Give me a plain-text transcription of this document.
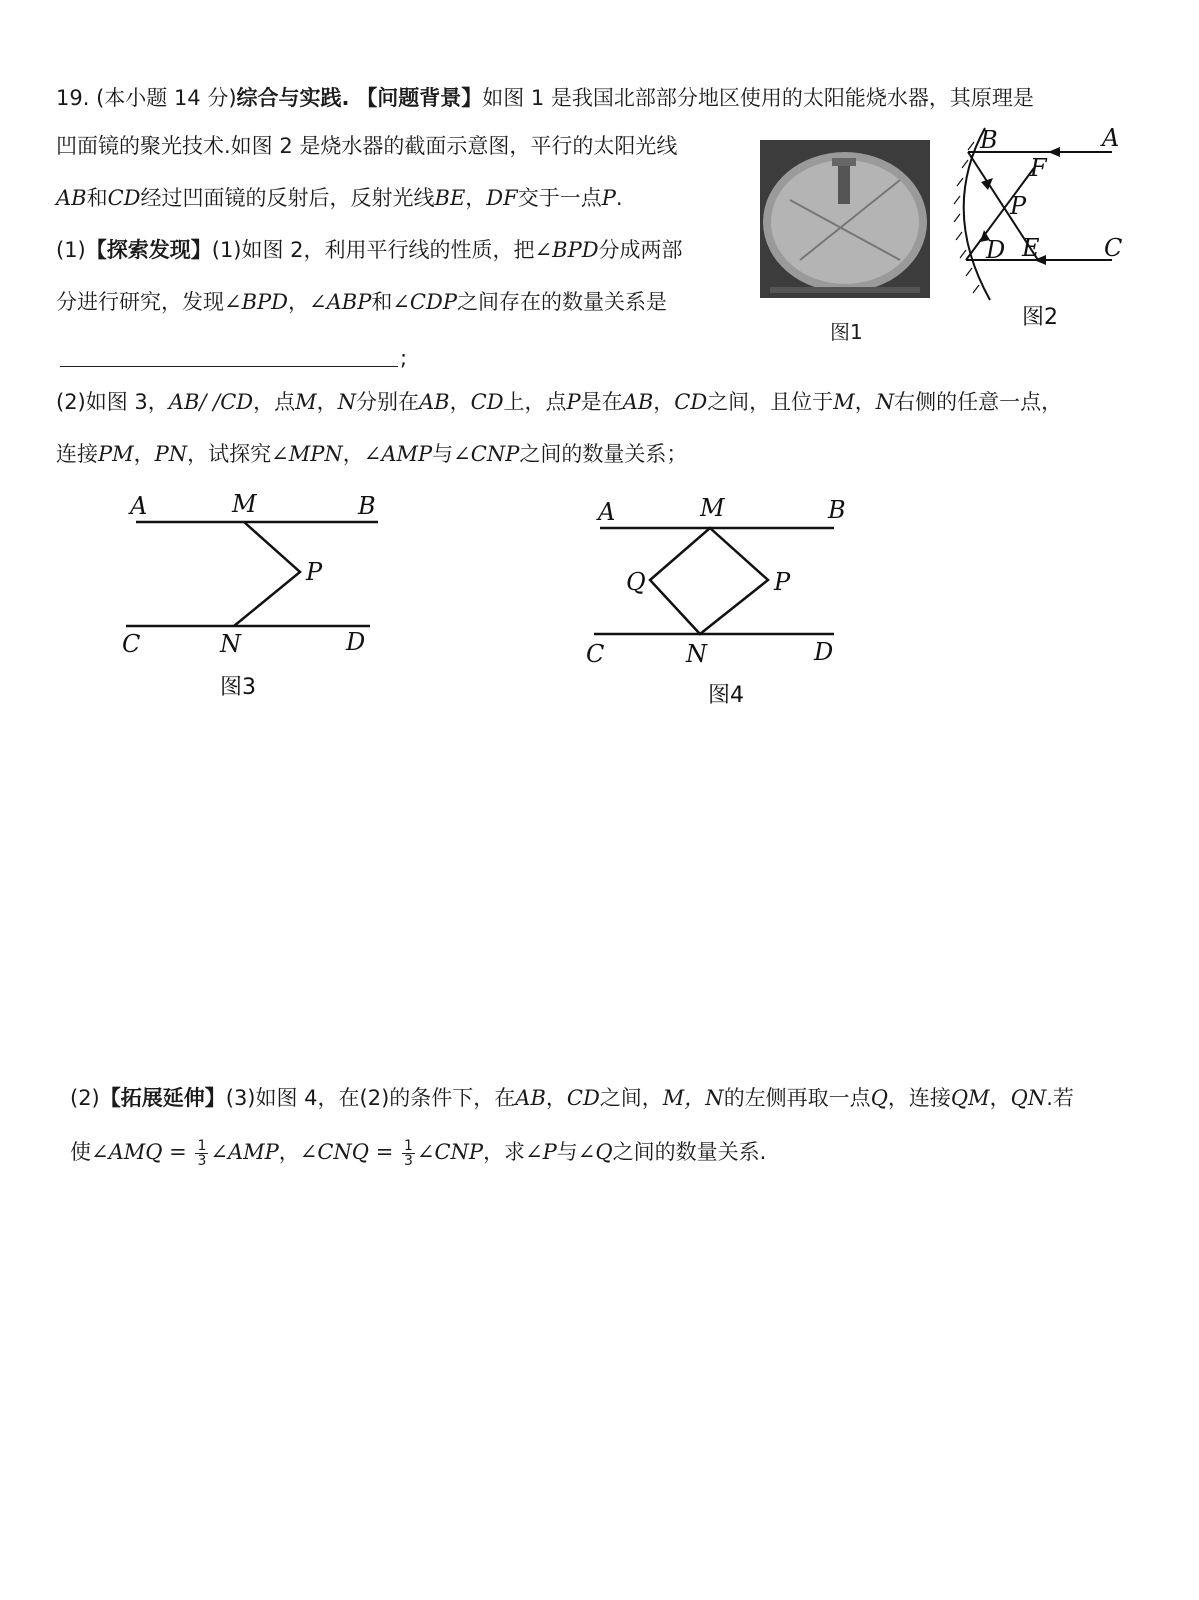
19. (本小题 14 分)综合与实践. 【问题背景】如图 1 是我国北部部分地区使用的太阳能烧水器，其原理是
凹面镜的聚光技术.如图 2 是烧水器的截面示意图，平行的太阳光线
AB和CD经过凹面镜的反射后，反射光线BE，DF交于一点P.
(1)【探索发现】(1)如图 2，利用平行线的性质，把∠BPD分成两部
分进行研究，发现∠BPD，∠ABP和∠CDP之间存在的数量关系是
;
图1
B	A
F
P
D E	C
图2
(2)如图 3，AB/ /CD，点M，N分别在AB，CD上，点P是在AB，CD之间，且位于M，N右侧的任意一点，
连接PM，PN，试探究∠MPN，∠AMP与∠CNP之间的数量关系；
A	M	B
P
C	N	D
图3
A	M	B
Q	P
C	N	D
图4
(2)【拓展延伸】(3)如图 4，在(2)的条件下，在AB，CD之间，M，N的左侧再取一点Q，连接QM，QN.若
使∠AMQ = $\frac{1}{3}$ ∠AMP，∠CNQ = $\frac{1}{3}$ ∠CNP，求∠P与∠Q之间的数量关系.
